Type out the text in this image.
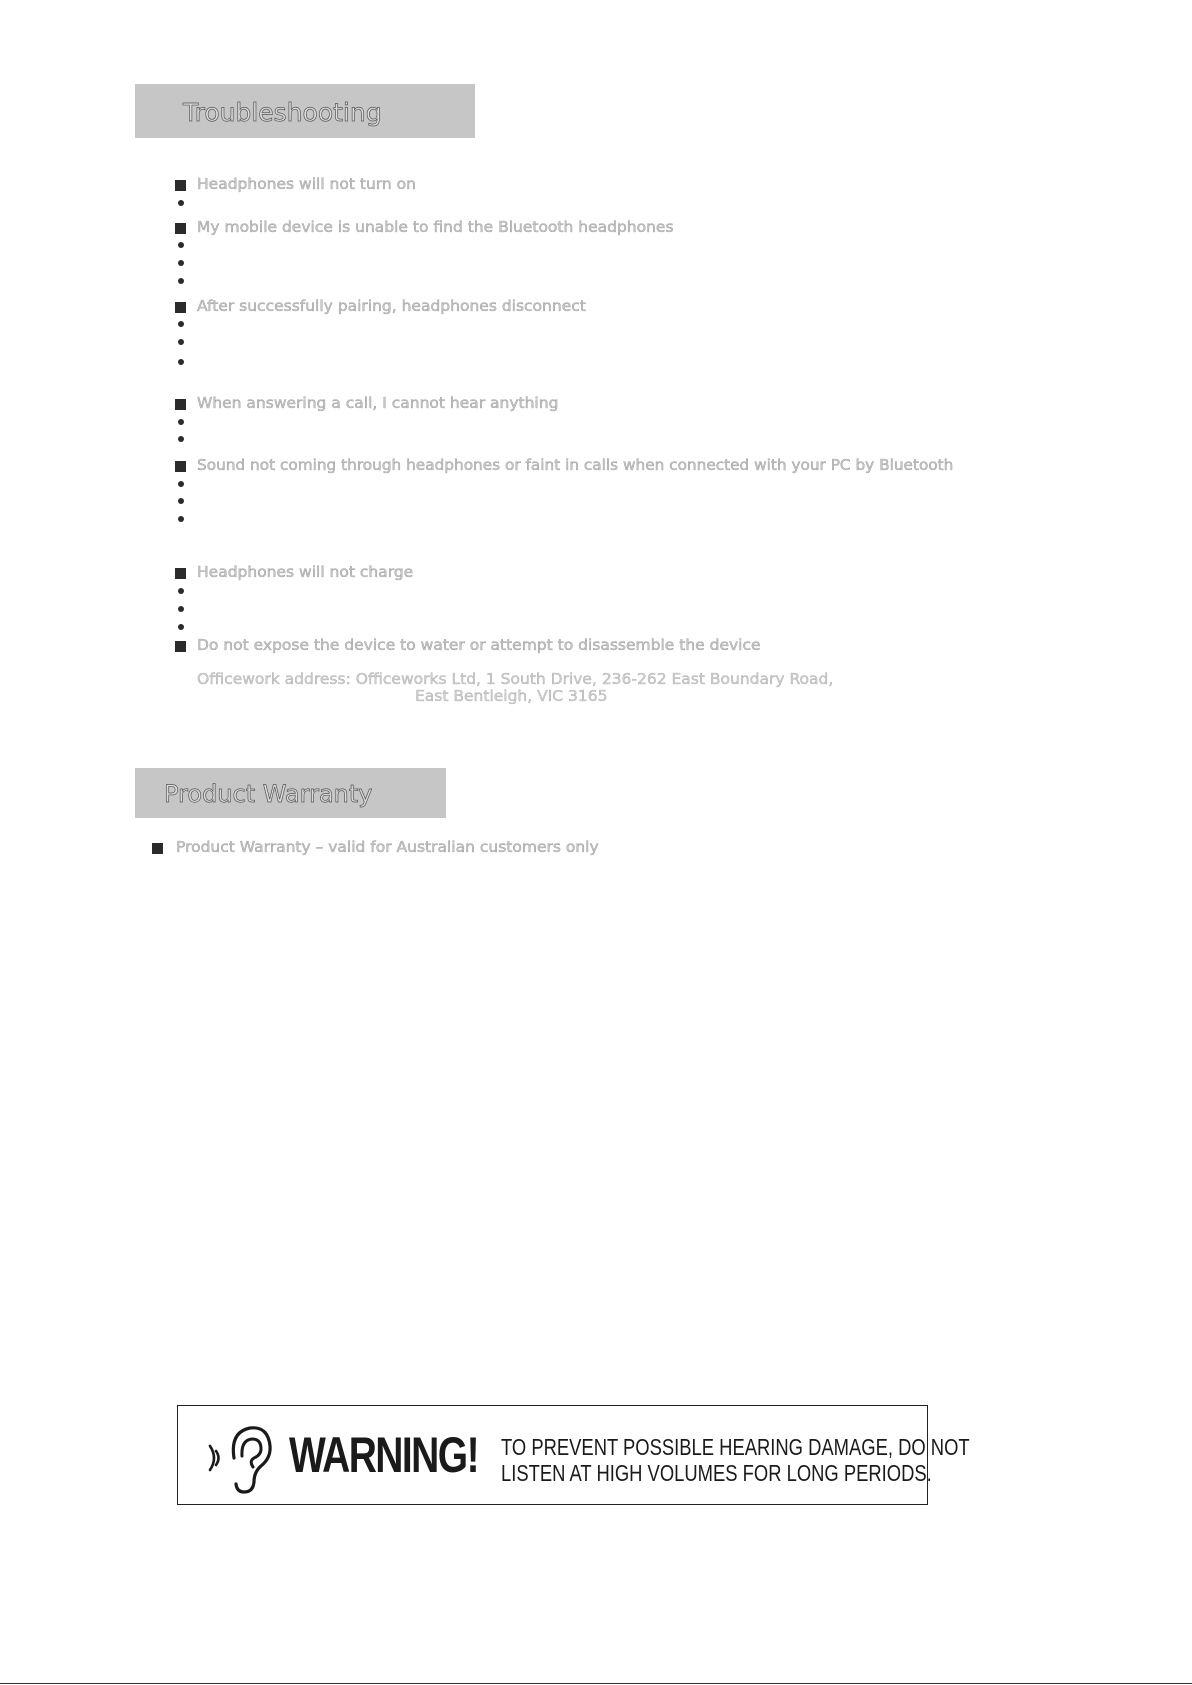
Troubleshooting
Headphones will not turn on
My mobile device is unable to find the Bluetooth headphones
After successfully pairing, headphones disconnect
When answering a call, I cannot hear anything
Sound not coming through headphones or faint in calls when connected with your PC by Bluetooth
Headphones will not charge
Do not expose the device to water or attempt to disassemble the device
Officework address: Officeworks Ltd, 1 South Drive, 236-262 East Boundary Road,
East Bentleigh, VIC 3165
Product Warranty
Product Warranty – valid for Australian customers only
WARNING! TO PREVENT POSSIBLE HEARING DAMAGE, DO NOT
LISTEN AT HIGH VOLUMES FOR LONG PERIODS.
